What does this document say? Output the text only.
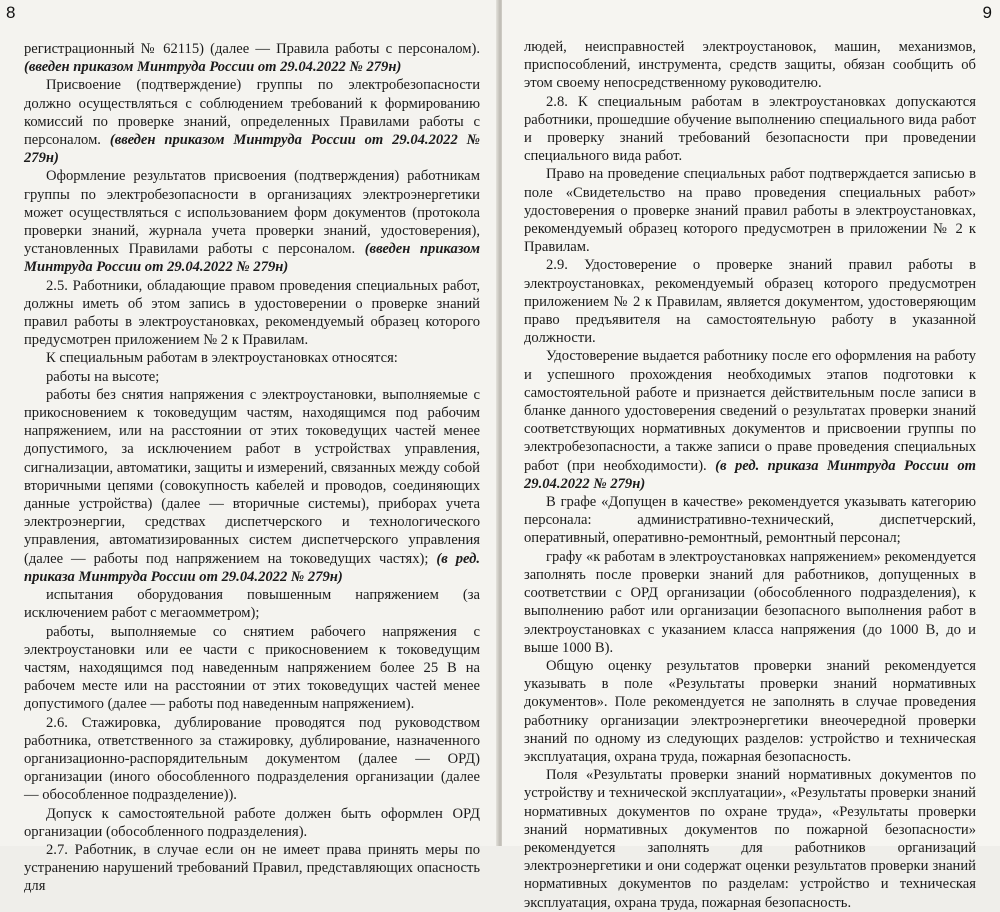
8

регистрационный № 62115) (далее — Правила работы с персоналом). (введен приказом Минтруда России от 29.04.2022 № 279н)

Присвоение (подтверждение) группы по электробезопасности должно осуществляться с соблюдением требований к формированию комиссий по проверке знаний, определенных Правилами работы с персоналом. (введен приказом Минтруда России от 29.04.2022 № 279н)

Оформление результатов присвоения (подтверждения) работникам группы по электробезопасности в организациях электроэнергетики может осуществляться с использованием форм документов (протокола проверки знаний, журнала учета проверки знаний, удостоверения), установленных Правилами работы с персоналом. (введен приказом Минтруда России от 29.04.2022 № 279н)

2.5. Работники, обладающие правом проведения специальных работ, должны иметь об этом запись в удостоверении о проверке знаний правил работы в электроустановках, рекомендуемый образец которого предусмотрен приложением № 2 к Правилам.

К специальным работам в электроустановках относятся:

работы на высоте;

работы без снятия напряжения с электроустановки, выполняемые с прикосновением к токоведущим частям, находящимся под рабочим напряжением, или на расстоянии от этих токоведущих частей менее допустимого, за исключением работ в устройствах управления, сигнализации, автоматики, защиты и измерений, связанных между собой вторичными цепями (совокупность кабелей и проводов, соединяющих данные устройства) (далее — вторичные системы), приборах учета электроэнергии, средствах диспетчерского и технологического управления, автоматизированных систем диспетчерского управления (далее — работы под напряжением на токоведущих частях); (в ред. приказа Минтруда России от 29.04.2022 № 279н)

испытания оборудования повышенным напряжением (за исключением работ с мегаомметром);

работы, выполняемые со снятием рабочего напряжения с электроустановки или ее части с прикосновением к токоведущим частям, находящимся под наведенным напряжением более 25 В на рабочем месте или на расстоянии от этих токоведущих частей менее допустимого (далее — работы под наведенным напряжением).

2.6. Стажировка, дублирование проводятся под руководством работника, ответственного за стажировку, дублирование, назначенного организационно-распорядительным документом (далее — ОРД) организации (иного обособленного подразделения организации (далее — обособленное подразделение)).

Допуск к самостоятельной работе должен быть оформлен ОРД организации (обособленного подразделения).

2.7. Работник, в случае если он не имеет права принять меры по устранению нарушений требований Правил, представляющих опасность для

9

людей, неисправностей электроустановок, машин, механизмов, приспособлений, инструмента, средств защиты, обязан сообщить об этом своему непосредственному руководителю.

2.8. К специальным работам в электроустановках допускаются работники, прошедшие обучение выполнению специального вида работ и проверку знаний требований безопасности при проведении специального вида работ.

Право на проведение специальных работ подтверждается записью в поле «Свидетельство на право проведения специальных работ» удостоверения о проверке знаний правил работы в электроустановках, рекомендуемый образец которого предусмотрен в приложении № 2 к Правилам.

2.9. Удостоверение о проверке знаний правил работы в электроустановках, рекомендуемый образец которого предусмотрен приложением № 2 к Правилам, является документом, удостоверяющим право предъявителя на самостоятельную работу в указанной должности.

Удостоверение выдается работнику после его оформления на работу и успешного прохождения необходимых этапов подготовки к самостоятельной работе и признается действительным после записи в бланке данного удостоверения сведений о результатах проверки знаний соответствующих нормативных документов и присвоении группы по электробезопасности, а также записи о праве проведения специальных работ (при необходимости). (в ред. приказа Минтруда России от 29.04.2022 № 279н)

В графе «Допущен в качестве» рекомендуется указывать категорию персонала: административно-технический, диспетчерский, оперативный, оперативно-ремонтный, ремонтный персонал;

графу «к работам в электроустановках напряжением» рекомендуется заполнять после проверки знаний для работников, допущенных в соответствии с ОРД организации (обособленного подразделения), к выполнению работ или организации безопасного выполнения работ в электроустановках с указанием класса напряжения (до 1000 В, до и выше 1000 В).

Общую оценку результатов проверки знаний рекомендуется указывать в поле «Результаты проверки знаний нормативных документов». Поле рекомендуется не заполнять в случае проведения работнику организации электроэнергетики внеочередной проверки знаний по одному из следующих разделов: устройство и техническая эксплуатация, охрана труда, пожарная безопасность.

Поля «Результаты проверки знаний нормативных документов по устройству и технической эксплуатации», «Результаты проверки знаний нормативных документов по охране труда», «Результаты проверки знаний нормативных документов по пожарной безопасности» рекомендуется заполнять для работников организаций электроэнергетики и они содержат оценки результатов проверки знаний нормативных документов по разделам: устройство и техническая эксплуатация, охрана труда, пожарная безопасность.
